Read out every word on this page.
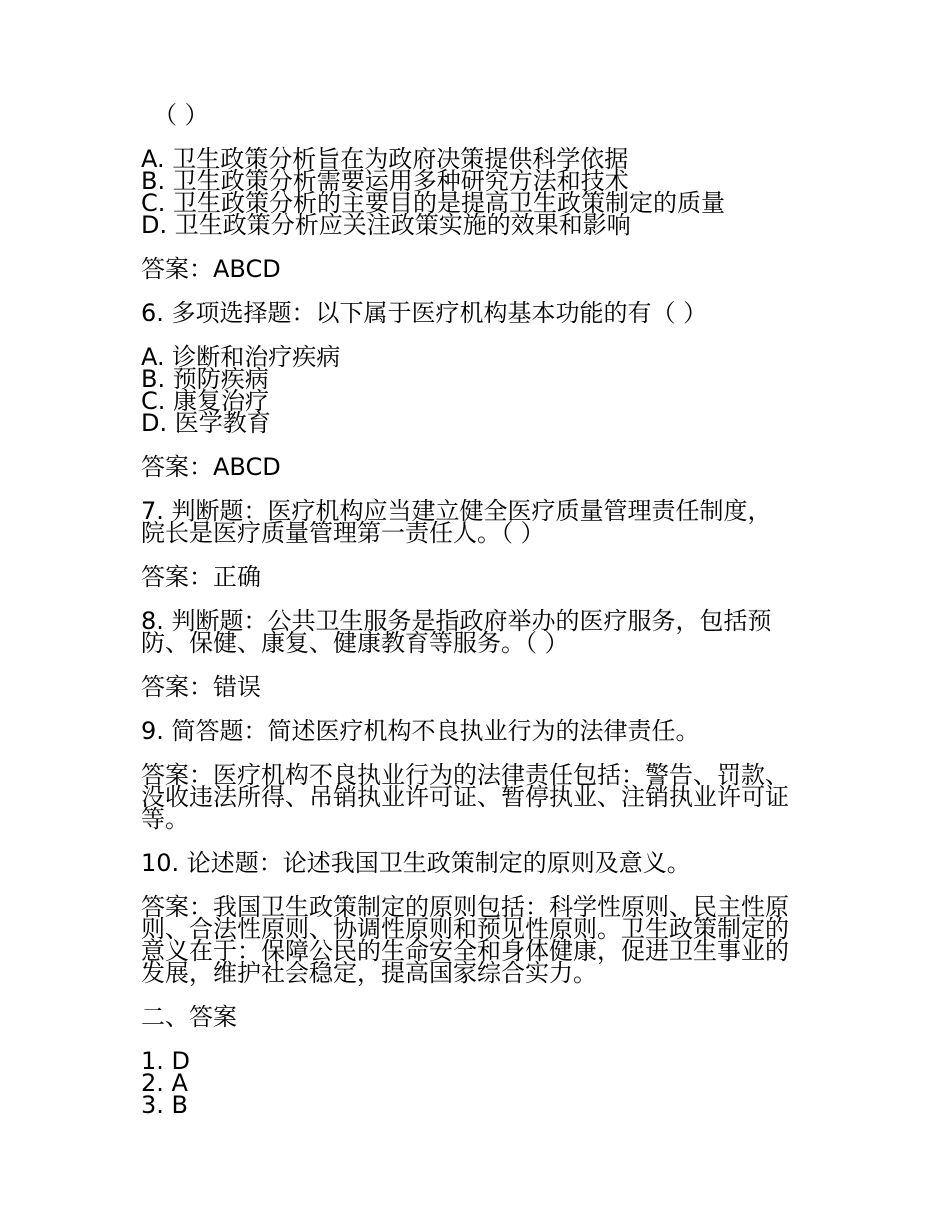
（ ）
A. 卫生政策分析旨在为政府决策提供科学依据
B. 卫生政策分析需要运用多种研究方法和技术
C. 卫生政策分析的主要目的是提高卫生政策制定的质量
D. 卫生政策分析应关注政策实施的效果和影响
答案：ABCD
6. 多项选择题：以下属于医疗机构基本功能的有（ ）
A. 诊断和治疗疾病
B. 预防疾病
C. 康复治疗
D. 医学教育
答案：ABCD
7. 判断题：医疗机构应当建立健全医疗质量管理责任制度，
院长是医疗质量管理第一责任人。（ ）
答案：正确
8. 判断题：公共卫生服务是指政府举办的医疗服务，包括预
防、保健、康复、健康教育等服务。（ ）
答案：错误
9. 简答题：简述医疗机构不良执业行为的法律责任。
答案：医疗机构不良执业行为的法律责任包括：警告、罚款、
没收违法所得、吊销执业许可证、暂停执业、注销执业许可证
等。
10. 论述题：论述我国卫生政策制定的原则及意义。
答案：我国卫生政策制定的原则包括：科学性原则、民主性原
则、合法性原则、协调性原则和预见性原则。卫生政策制定的
意义在于：保障公民的生命安全和身体健康，促进卫生事业的
发展，维护社会稳定，提高国家综合实力。
二、答案
1. D
2. A
3. B
